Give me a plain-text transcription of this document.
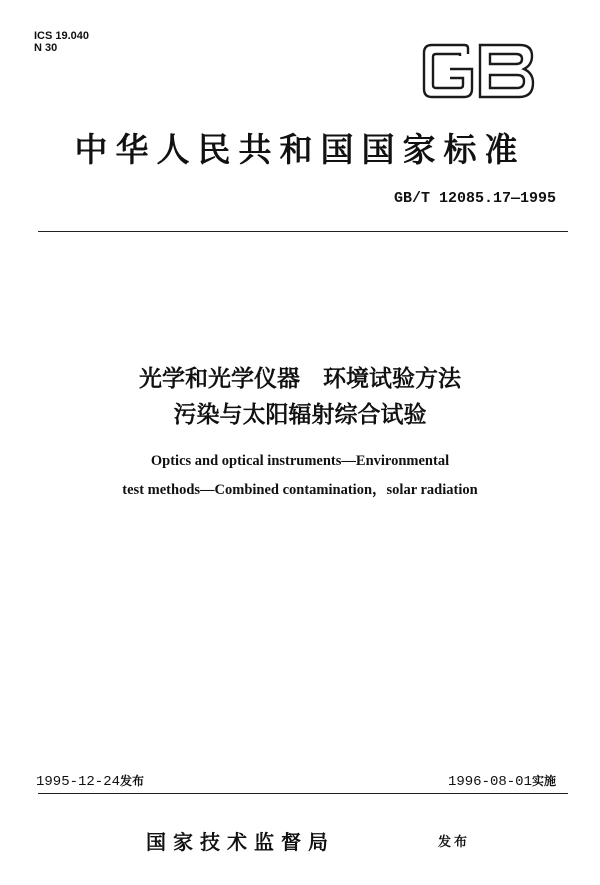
ICS 19.040
N 30
中华人民共和国国家标准
GB/T 12085.17—1995
光学和光学仪器　环境试验方法
污染与太阳辐射综合试验
Optics and optical instruments—Environmental
test methods—Combined contamination，solar radiation
1995-12-24发布	1996-08-01实施
国家技术监督局	发布
